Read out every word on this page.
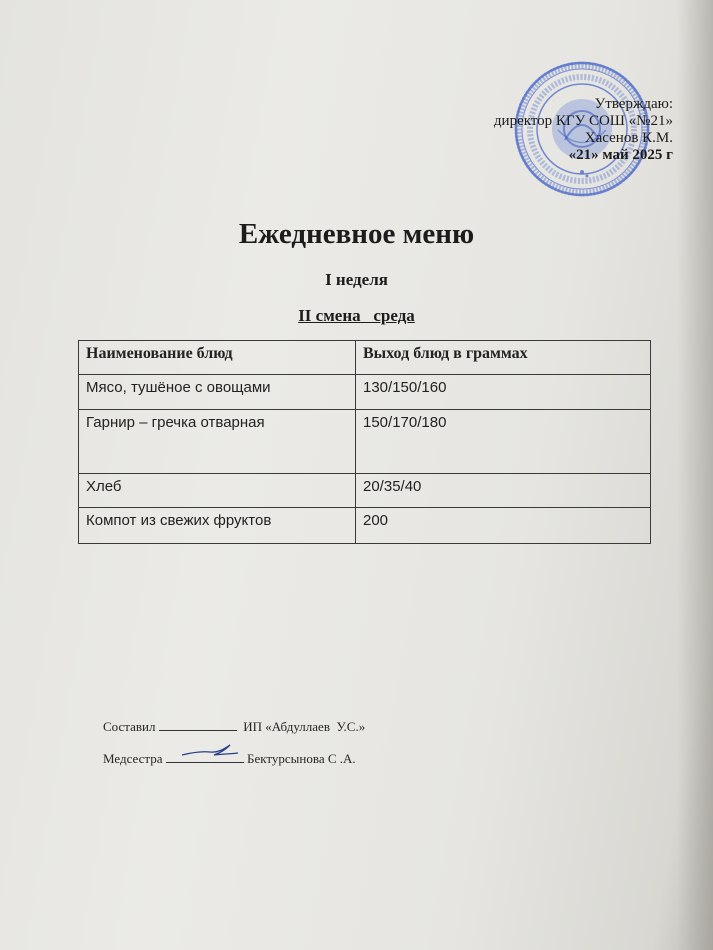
Утверждаю:
директор КГУ СОШ «№21»
Хасенов К.М.
«21» май 2025 г
Ежедневное меню
I неделя
II смена   среда
Наименование блюд	Выход блюд в граммах
Мясо, тушёное с овощами	130/150/160
Гарнир – гречка отварная	150/170/180
Хлеб	20/35/40
Компот из свежих фруктов	200

Составил	ИП «Абдуллаев  У.С.»

Медсестра	Бектурсынова С .А.
